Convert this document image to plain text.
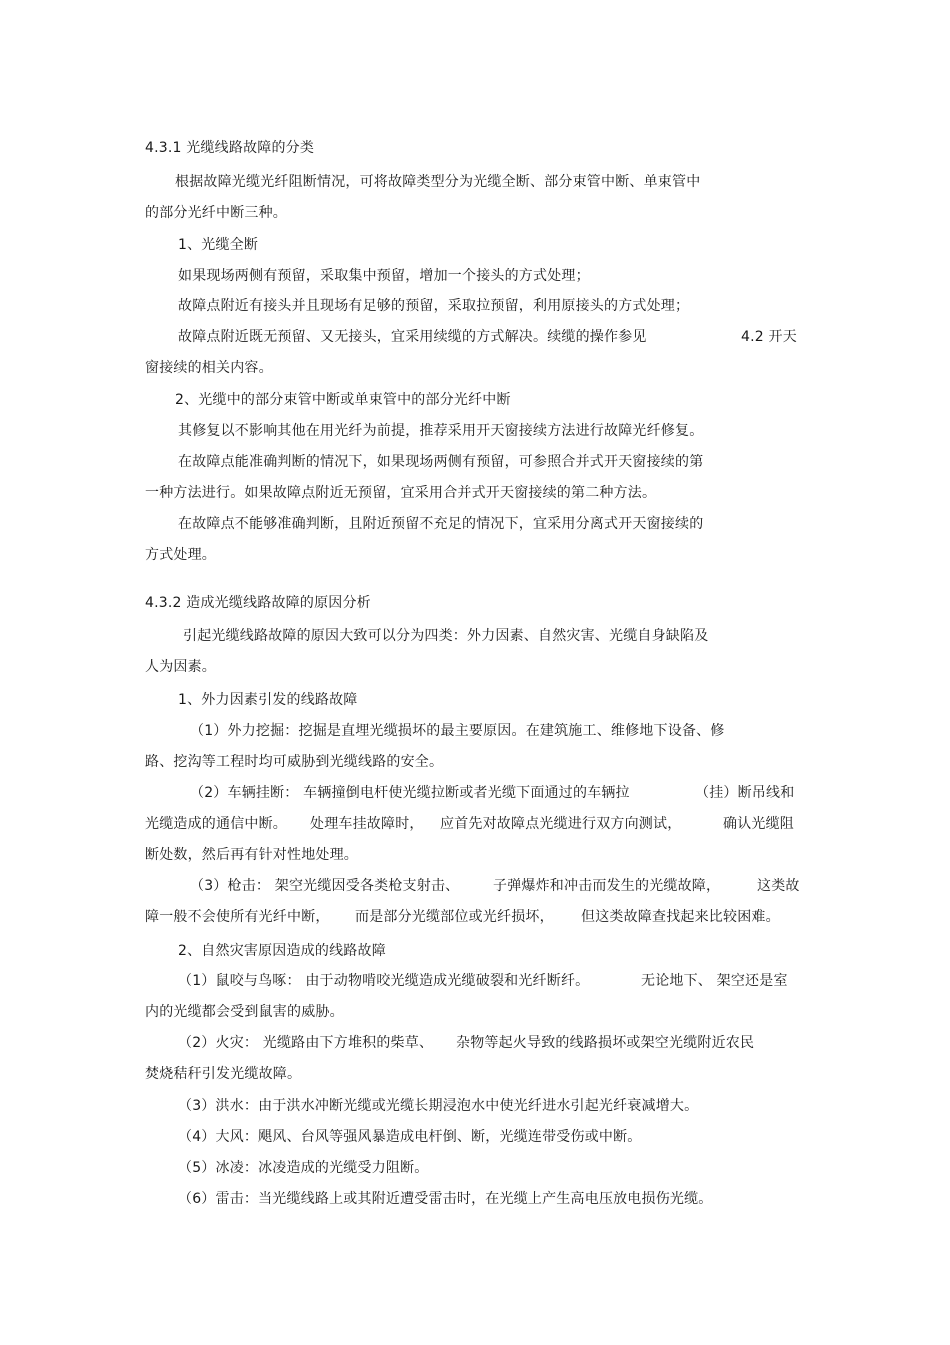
4.3.1 光缆线路故障的分类
根据故障光缆光纤阻断情况，可将故障类型分为光缆全断、部分束管中断、单束管中
的部分光纤中断三种。
1、光缆全断
如果现场两侧有预留，采取集中预留，增加一个接头的方式处理；
故障点附近有接头并且现场有足够的预留，采取拉预留，利用原接头的方式处理；
故障点附近既无预留、又无接头，宜采用续缆的方式解决。续缆的操作参见	4.2 开天
窗接续的相关内容。
2、光缆中的部分束管中断或单束管中的部分光纤中断
其修复以不影响其他在用光纤为前提，推荐采用开天窗接续方法进行故障光纤修复。
在故障点能准确判断的情况下，如果现场两侧有预留，可参照合并式开天窗接续的第
一种方法进行。如果故障点附近无预留，宜采用合并式开天窗接续的第二种方法。
在故障点不能够准确判断，且附近预留不充足的情况下，宜采用分离式开天窗接续的
方式处理。
4.3.2 造成光缆线路故障的原因分析
引起光缆线路故障的原因大致可以分为四类：外力因素、自然灾害、光缆自身缺陷及
人为因素。
1、外力因素引发的线路故障
（1）外力挖掘：挖掘是直埋光缆损坏的最主要原因。在建筑施工、维修地下设备、修
路、挖沟等工程时均可威胁到光缆线路的安全。
（2）车辆挂断： 车辆撞倒电杆使光缆拉断或者光缆下面通过的车辆拉	（挂）断吊线和
光缆造成的通信中断。 处理车挂故障时， 应首先对故障点光缆进行双方向测试，	确认光缆阻
断处数，然后再有针对性地处理。
（3）枪击： 架空光缆因受各类枪支射击、 子弹爆炸和冲击而发生的光缆故障，	这类故
障一般不会使所有光纤中断， 而是部分光缆部位或光纤损坏， 但这类故障查找起来比较困难。
2、自然灾害原因造成的线路故障
（1）鼠咬与鸟啄： 由于动物啃咬光缆造成光缆破裂和光纤断纤。	无论地下、 架空还是室
内的光缆都会受到鼠害的威胁。
（2）火灾： 光缆路由下方堆积的柴草、 杂物等起火导致的线路损坏或架空光缆附近农民
焚烧秸秆引发光缆故障。
（3）洪水：由于洪水冲断光缆或光缆长期浸泡水中使光纤进水引起光纤衰减增大。
（4）大风：飓风、台风等强风暴造成电杆倒、断，光缆连带受伤或中断。
（5）冰凌：冰凌造成的光缆受力阻断。
（6）雷击：当光缆线路上或其附近遭受雷击时，在光缆上产生高电压放电损伤光缆。
